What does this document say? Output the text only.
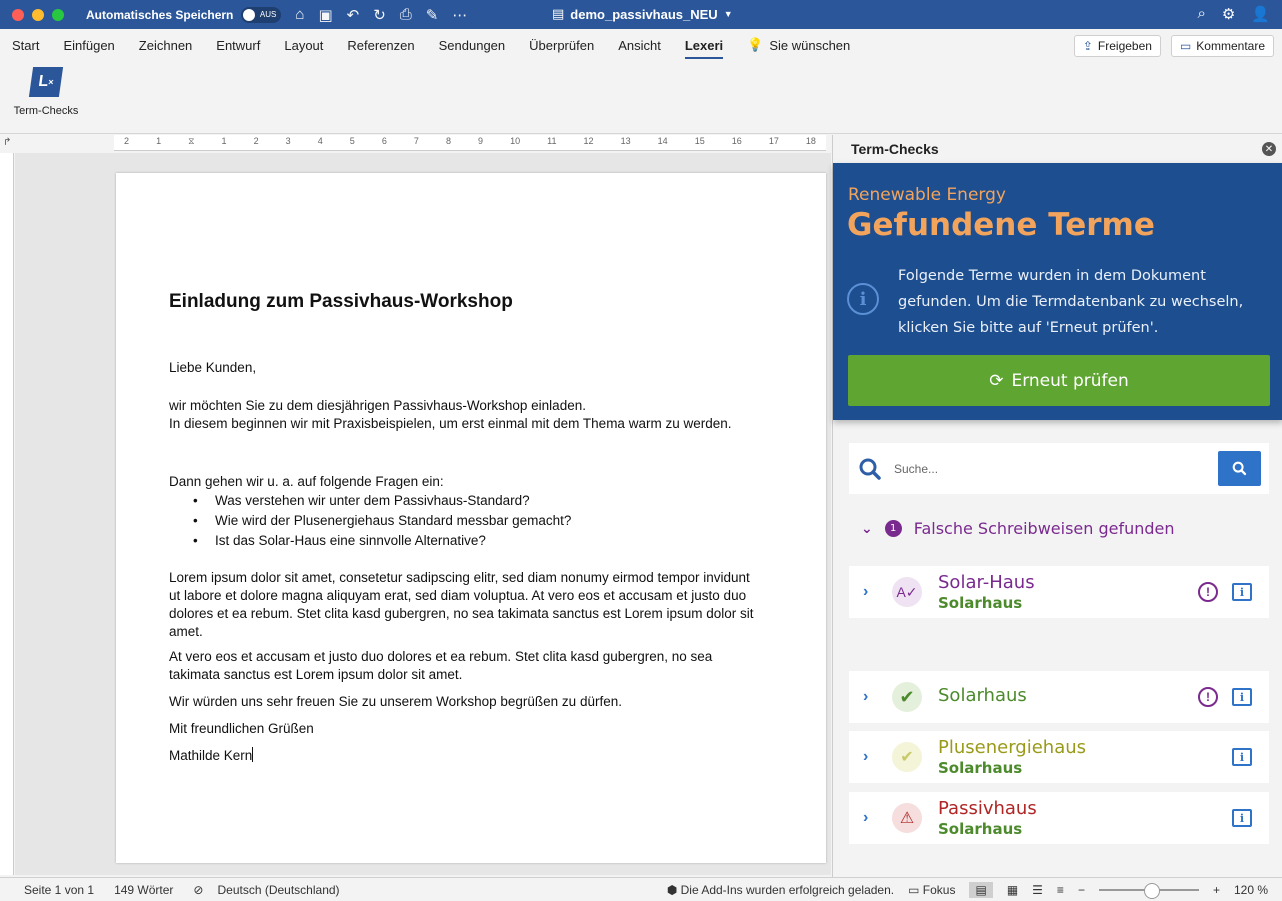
Automatisches Speichern	AUS ⌂ ▣ ↶ ↻ ⎙ ✎ ⋯	▤ demo_passivhaus_NEU ▼	⌕ ⚙ 👤
Start Einfügen Zeichnen Entwurf Layout Referenzen Sendungen Überprüfen Ansicht Lexeri 💡 Sie wünschen	⇪ Freigeben ▭ Kommentare
L
×
Term-Checks
↱	2	1	⧖	1	2	3	4	5	6	7	8	9	10	11	12	13	14	15	16	17	18
Einladung zum Passivhaus-Workshop

Liebe Kunden,

wir möchten Sie zu dem diesjährigen Passivhaus-Workshop einladen.
In diesem beginnen wir mit Praxisbeispielen, um erst einmal mit dem Thema warm zu werden.

Dann gehen wir u. a. auf folgende Fragen ein:

• Was verstehen wir unter dem Passivhaus-Standard?
• Wie wird der Plusenergiehaus Standard messbar gemacht?
• Ist das Solar-Haus eine sinnvolle Alternative?

Lorem ipsum dolor sit amet, consetetur sadipscing elitr, sed diam nonumy eirmod tempor invidunt ut labore et dolore magna aliquyam erat, sed diam voluptua. At vero eos et accusam et justo duo dolores et ea rebum. Stet clita kasd gubergren, no sea takimata sanctus est Lorem ipsum dolor sit amet.

At vero eos et accusam et justo duo dolores et ea rebum. Stet clita kasd gubergren, no sea takimata sanctus est Lorem ipsum dolor sit amet.

Wir würden uns sehr freuen Sie zu unserem Workshop begrüßen zu dürfen.

Mit freundlichen Grüßen

Mathilde Kern

Term-Checks	✕
Renewable Energy
Gefundene Terme
i
Folgende Terme wurden in dem Dokument gefunden. Um die Termdatenbank zu wechseln, klicken Sie bitte auf 'Erneut prüfen'.
⟳ Erneut prüfen
Suche...
⌄	1	Falsche Schreibweisen gefunden
›	A✓ Solar-Haus
Solarhaus
!	i
›	✔	Solarhaus	!	i
›	✔	Plusenergiehaus
Solarhaus
i
›	⚠	Passivhaus
Solarhaus
i
Seite 1 von 1 149 Wörter ⊘ Deutsch (Deutschland)	⬢ Die Add-Ins wurden erfolgreich geladen. ▭ Fokus	▤	▦ ☰ ≡ −	+ 120 %
